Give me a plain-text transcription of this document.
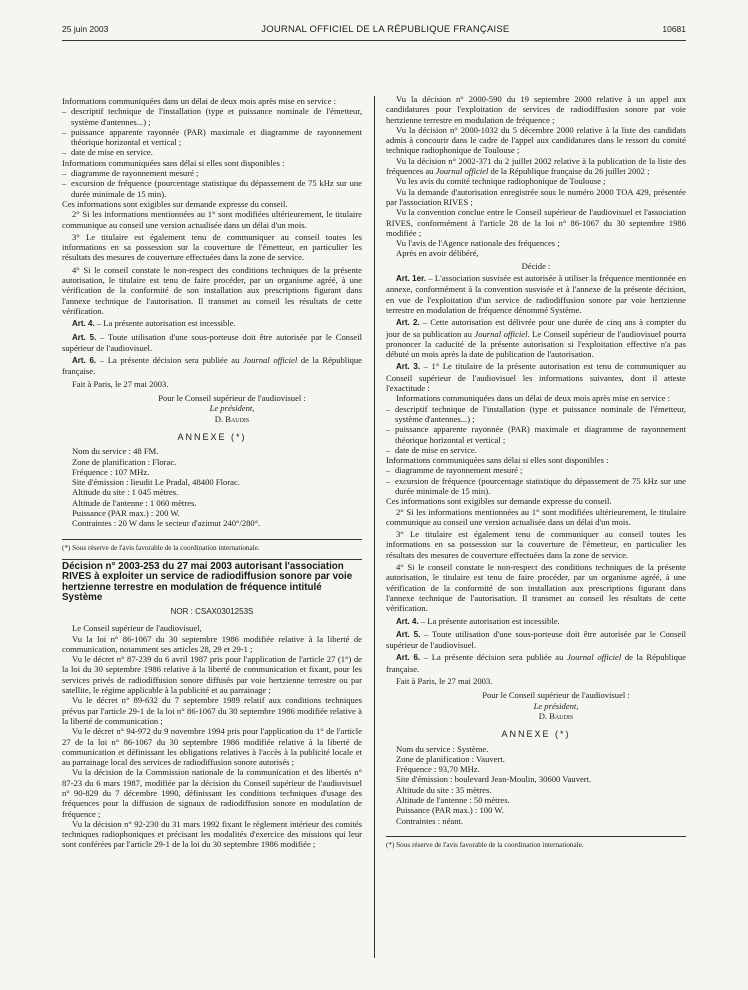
25 juin 2003	JOURNAL OFFICIEL DE LA RÉPUBLIQUE FRANÇAISE	10681

Informations communiquées dans un délai de deux mois après mise en service :

– descriptif technique de l'installation (type et puissance nominale de l'émetteur, système d'antennes...) ;

– puissance apparente rayonnée (PAR) maximale et diagramme de rayonnement théorique horizontal et vertical ;

– date de mise en service.

Informations communiquées sans délai si elles sont disponibles :

– diagramme de rayonnement mesuré ;

– excursion de fréquence (pourcentage statistique du dépassement de 75 kHz sur une durée minimale de 15 min).

Ces informations sont exigibles sur demande expresse du conseil.

2° Si les informations mentionnées au 1° sont modifiées ultérieurement, le titulaire communique au conseil une version actualisée dans un délai d'un mois.

3° Le titulaire est également tenu de communiquer au conseil toutes les informations en sa possession sur la couverture de l'émetteur, en particulier les résultats des mesures de couverture effectuées dans la zone de service.

4° Si le conseil constate le non-respect des conditions techniques de la présente autorisation, le titulaire est tenu de faire procéder, par un organisme agréé, à une vérification de la conformité de son installation aux prescriptions figurant dans l'annexe technique de l'autorisation. Il transmet au conseil les résultats de cette vérification.

Art. 4. – La présente autorisation est incessible.

Art. 5. – Toute utilisation d'une sous-porteuse doit être autorisée par le Conseil supérieur de l'audiovisuel.

Art. 6. – La présente décision sera publiée au Journal officiel de la République française.

Fait à Paris, le 27 mai 2003.

Pour le Conseil supérieur de l'audiovisuel :
Le président,
D. Baudis
ANNEXE (*)
Nom du service : 48 FM.
Zone de planification : Florac.
Fréquence : 107 MHz.
Site d'émission : lieudit Le Pradal, 48400 Florac.
Altitude du site : 1 045 mètres.
Altitude de l'antenne : 1 060 mètres.
Puissance (PAR max.) : 200 W.
Contraintes : 20 W dans le secteur d'azimut 240°/280°.
(*) Sous réserve de l'avis favorable de la coordination internationale.
Décision n° 2003-253 du 27 mai 2003 autorisant l'association RIVES à exploiter un service de radiodiffusion sonore par voie hertzienne terrestre en modulation de fréquence intitulé Système
NOR : CSAX0301253S

Le Conseil supérieur de l'audiovisuel,

Vu la loi n° 86-1067 du 30 septembre 1986 modifiée relative à la liberté de communication, notamment ses articles 28, 29 et 29-1 ;

Vu le décret n° 87-239 du 6 avril 1987 pris pour l'application de l'article 27 (1°) de la loi du 30 septembre 1986 relative à la liberté de communication et fixant, pour les services privés de radiodiffusion sonore diffusés par voie hertzienne terrestre ou par satellite, le régime applicable à la publicité et au parrainage ;

Vu le décret n° 89-632 du 7 septembre 1989 relatif aux conditions techniques prévus par l'article 29-1 de la loi n° 86-1067 du 30 septembre 1986 modifiée relative à la liberté de communication ;

Vu le décret n° 94-972 du 9 novembre 1994 pris pour l'application du 1° de l'article 27 de la loi n° 86-1067 du 30 septembre 1986 modifiée relative à la liberté de communication et définissant les obligations relatives à l'accès à la publicité locale et au parrainage local des services de radiodiffusion sonore autorisés ;

Vu la décision de la Commission nationale de la communication et des libertés n° 87-23 du 6 mars 1987, modifiée par la décision du Conseil supérieur de l'audiovisuel n° 90-829 du 7 décembre 1990, définissant les conditions techniques d'usage des fréquences pour la diffusion de signaux de radiodiffusion sonore en modulation de fréquence ;

Vu la décision n° 92-230 du 31 mars 1992 fixant le règlement intérieur des comités techniques radiophoniques et précisant les modalités d'exercice des missions qui leur sont conférées par l'article 29-1 de la loi du 30 septembre 1986 modifiée ;

Vu la décision n° 2000-590 du 19 septembre 2000 relative à un appel aux candidatures pour l'exploitation de services de radiodiffusion sonore par voie hertzienne terrestre en modulation de fréquence ;

Vu la décision n° 2000-1032 du 5 décembre 2000 relative à la liste des candidats admis à concourir dans le cadre de l'appel aux candidatures dans le ressort du comité technique radiophonique de Toulouse ;

Vu la décision n° 2002-371 du 2 juillet 2002 relative à la publication de la liste des fréquences au Journal officiel de la République française du 26 juillet 2002 ;

Vu les avis du comité technique radiophonique de Toulouse ;

Vu la demande d'autorisation enregistrée sous le numéro 2000 TOA 429, présentée par l'association RIVES ;

Vu la convention conclue entre le Conseil supérieur de l'audiovisuel et l'association RIVES, conformément à l'article 28 de la loi n° 86-1067 du 30 septembre 1986 modifiée ;

Vu l'avis de l'Agence nationale des fréquences ;

Après en avoir délibéré,

Décide :

Art. 1er. – L'association susvisée est autorisée à utiliser la fréquence mentionnée en annexe, conformément à la convention susvisée et à l'annexe de la présente décision, en vue de l'exploitation d'un service de radiodiffusion sonore par voie hertzienne terrestre en modulation de fréquence dénommé Système.

Art. 2. – Cette autorisation est délivrée pour une durée de cinq ans à compter du jour de sa publication au Journal officiel. Le Conseil supérieur de l'audiovisuel pourra prononcer la caducité de la présente autorisation si l'exploitation effective n'a pas débuté un mois après la date de publication de l'autorisation.

Art. 3. – 1° Le titulaire de la présente autorisation est tenu de communiquer au Conseil supérieur de l'audiovisuel les informations suivantes, dont il atteste l'exactitude :

Informations communiquées dans un délai de deux mois après mise en service :

– descriptif technique de l'installation (type et puissance nominale de l'émetteur, système d'antennes...) ;

– puissance apparente rayonnée (PAR) maximale et diagramme de rayonnement théorique horizontal et vertical ;

– date de mise en service.

Informations communiquées sans délai si elles sont disponibles :

– diagramme de rayonnement mesuré ;

– excursion de fréquence (pourcentage statistique du dépassement de 75 kHz sur une durée minimale de 15 min).

Ces informations sont exigibles sur demande expresse du conseil.

2° Si les informations mentionnées au 1° sont modifiées ultérieurement, le titulaire communique au conseil une version actualisée dans un délai d'un mois.

3° Le titulaire est également tenu de communiquer au conseil toutes les informations en sa possession sur la couverture de l'émetteur, en particulier les résultats des mesures de couverture effectuées dans la zone de service.

4° Si le conseil constate le non-respect des conditions techniques de la présente autorisation, le titulaire est tenu de faire procéder, par un organisme agréé, à une vérification de la conformité de son installation aux prescriptions figurant dans l'annexe technique de l'autorisation. Il transmet au conseil les résultats de cette vérification.

Art. 4. – La présente autorisation est incessible.

Art. 5. – Toute utilisation d'une sous-porteuse doit être autorisée par le Conseil supérieur de l'audiovisuel.

Art. 6. – La présente décision sera publiée au Journal officiel de la République française.

Fait à Paris, le 27 mai 2003.

Pour le Conseil supérieur de l'audiovisuel :
Le président,
D. Baudis
ANNEXE (*)
Nom du service : Système.
Zone de planification : Vauvert.
Fréquence : 93,70 MHz.
Site d'émission : boulevard Jean-Moulin, 30600 Vauvert.
Altitude du site : 35 mètres.
Altitude de l'antenne : 50 mètres.
Puissance (PAR max.) : 100 W.
Contraintes : néant.
(*) Sous réserve de l'avis favorable de la coordination internationale.
